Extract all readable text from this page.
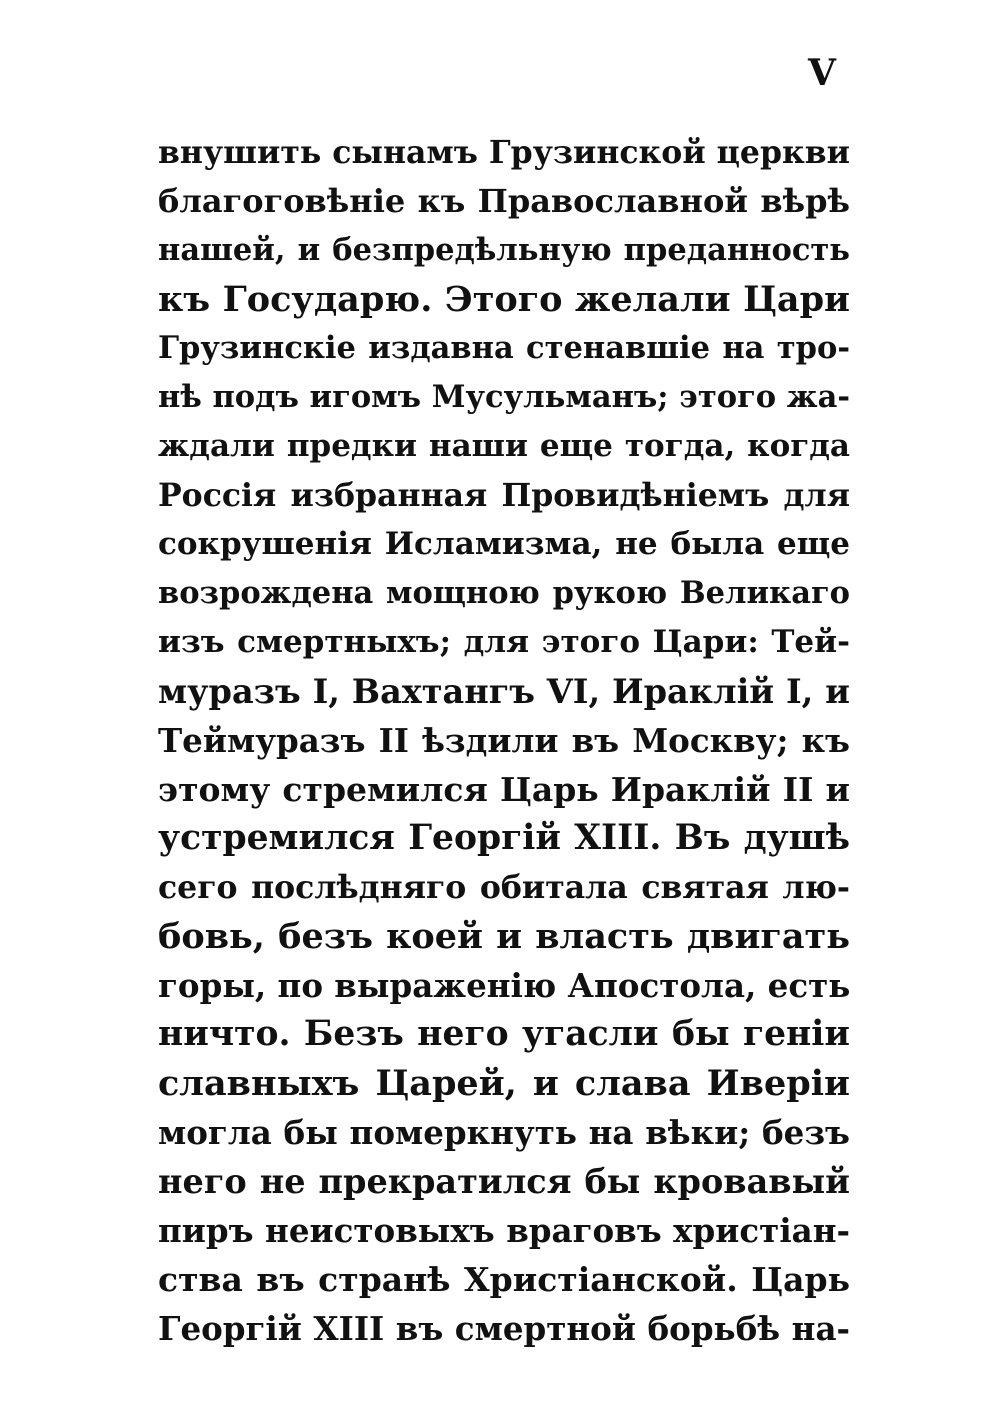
V
внушить сынамъ Грузинской церкви
благоговѣніе къ Православной вѣрѣ
нашей, и безпредѣльную преданность
къ Государю. Этого желали Цари
Грузинскіе издавна стенавшіе на тро-
нѣ подъ игомъ Мусульманъ; этого жа-
ждали предки наши еще тогда, когда
Россія избранная Провидѣніемъ для
сокрушенія Исламизма, не была еще
возрождена мощною рукою Великаго
изъ смертныхъ; для этого Цари: Тей-
муразъ I, Вахтангъ VI, Ираклій I, и
Теймуразъ II ѣздили въ Москву; къ
этому стремился Царь Ираклій II и
устремился Георгій XIII. Въ душѣ
сего послѣдняго обитала святая лю-
бовь, безъ коей и власть двигать
горы, по выраженію Апостола, есть
ничто. Безъ него угасли бы геніи
славныхъ Царей, и слава Иверіи
могла бы померкнуть на вѣки; безъ
него не прекратился бы кровавый
пиръ неистовыхъ враговъ христіан-
ства въ странѣ Христіанской. Царь
Георгій XIII въ смертной борьбѣ на-
